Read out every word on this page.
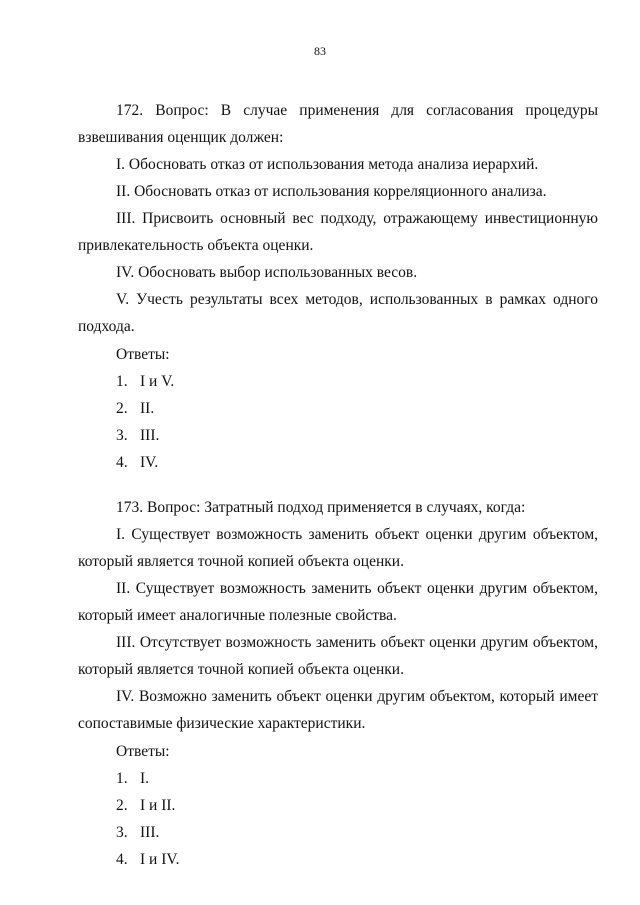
83
172. Вопрос: В случае применения для согласования процедуры
взвешивания оценщик должен:
I. Обосновать отказ от использования метода анализа иерархий.
II. Обосновать отказ от использования корреляционного анализа.
III. Присвоить основный вес подходу, отражающему инвестиционную
привлекательность объекта оценки.
IV. Обосновать выбор использованных весов.
V. Учесть результаты всех методов, использованных в рамках одного
подхода.
Ответы:
1. I и V.
2. II.
3. III.
4. IV.
173. Вопрос: Затратный подход применяется в случаях, когда:
I. Существует возможность заменить объект оценки другим объектом,
который является точной копией объекта оценки.
II. Существует возможность заменить объект оценки другим объектом,
который имеет аналогичные полезные свойства.
III. Отсутствует возможность заменить объект оценки другим объектом,
который является точной копией объекта оценки.
IV. Возможно заменить объект оценки другим объектом, который имеет
сопоставимые физические характеристики.
Ответы:
1. I.
2. I и II.
3. III.
4. I и IV.
